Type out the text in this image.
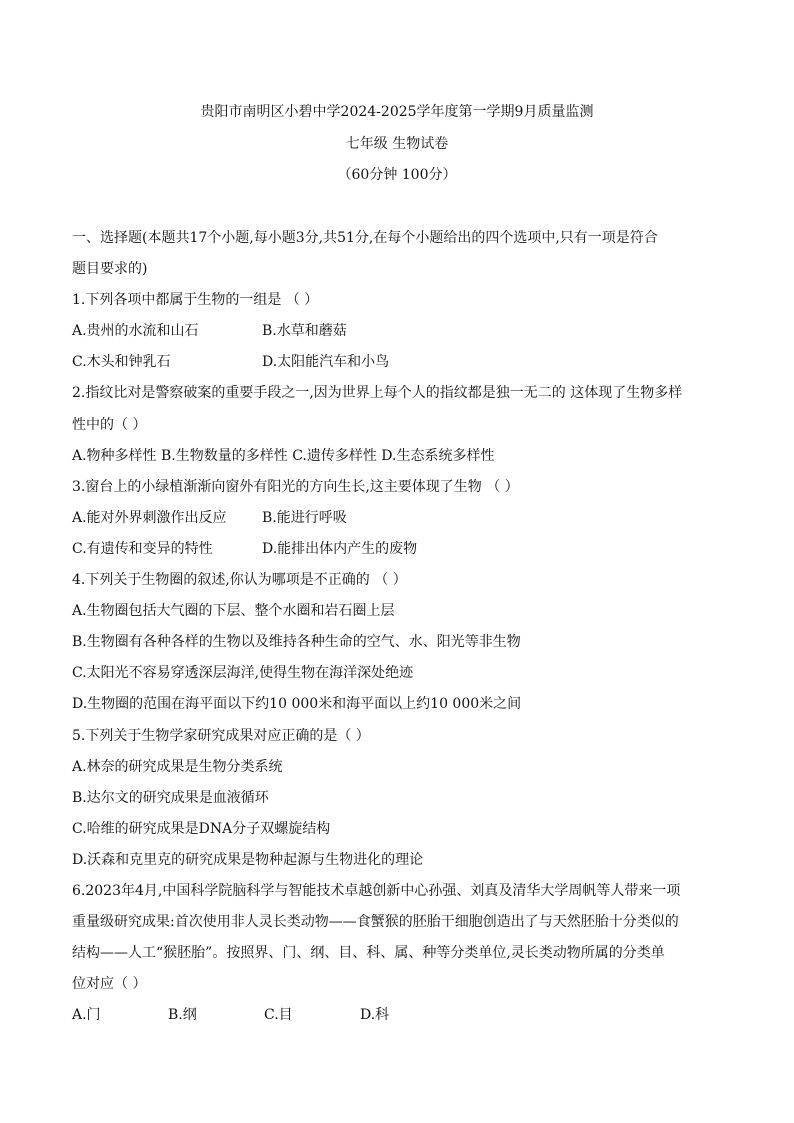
贵阳市南明区小碧中学2024-2025学年度第一学期9月质量监测
七年级 生物试卷
（60分钟 100分）
一、选择题(本题共17个小题,每小题3分,共51分,在每个小题给出的四个选项中,只有一项是符合
题目要求的)
1.下列各项中都属于生物的一组是 （ ）
A.贵州的水流和山石	B.水草和蘑菇
C.木头和钟乳石	D.太阳能汽车和小鸟
2.指纹比对是警察破案的重要手段之一,因为世界上每个人的指纹都是独一无二的 这体现了生物多样
性中的（ ）
A.物种多样性 B.生物数量的多样性 C.遗传多样性 D.生态系统多样性
3.窗台上的小绿植渐渐向窗外有阳光的方向生长,这主要体现了生物 （ ）
A.能对外界刺激作出反应	B.能进行呼吸
C.有遗传和变异的特性	D.能排出体内产生的废物
4.下列关于生物圈的叙述,你认为哪项是不正确的 （ ）
A.生物圈包括大气圈的下层、整个水圈和岩石圈上层
B.生物圈有各种各样的生物以及维持各种生命的空气、水、阳光等非生物
C.太阳光不容易穿透深层海洋,使得生物在海洋深处绝迹
D.生物圈的范围在海平面以下约10 000米和海平面以上约10 000米之间
5.下列关于生物学家研究成果对应正确的是（ ）
A.林奈的研究成果是生物分类系统
B.达尔文的研究成果是血液循环
C.哈维的研究成果是DNA分子双螺旋结构
D.沃森和克里克的研究成果是物种起源与生物进化的理论
6.2023年4月,中国科学院脑科学与智能技术卓越创新中心孙强、刘真及清华大学周帆等人带来一项
重量级研究成果:首次使用非人灵长类动物——食蟹猴的胚胎干细胞创造出了与天然胚胎十分类似的
结构——人工“猴胚胎”。按照界、门、纲、目、科、属、种等分类单位,灵长类动物所属的分类单
位对应（ ）
A.门	B.纲	C.目	D.科
